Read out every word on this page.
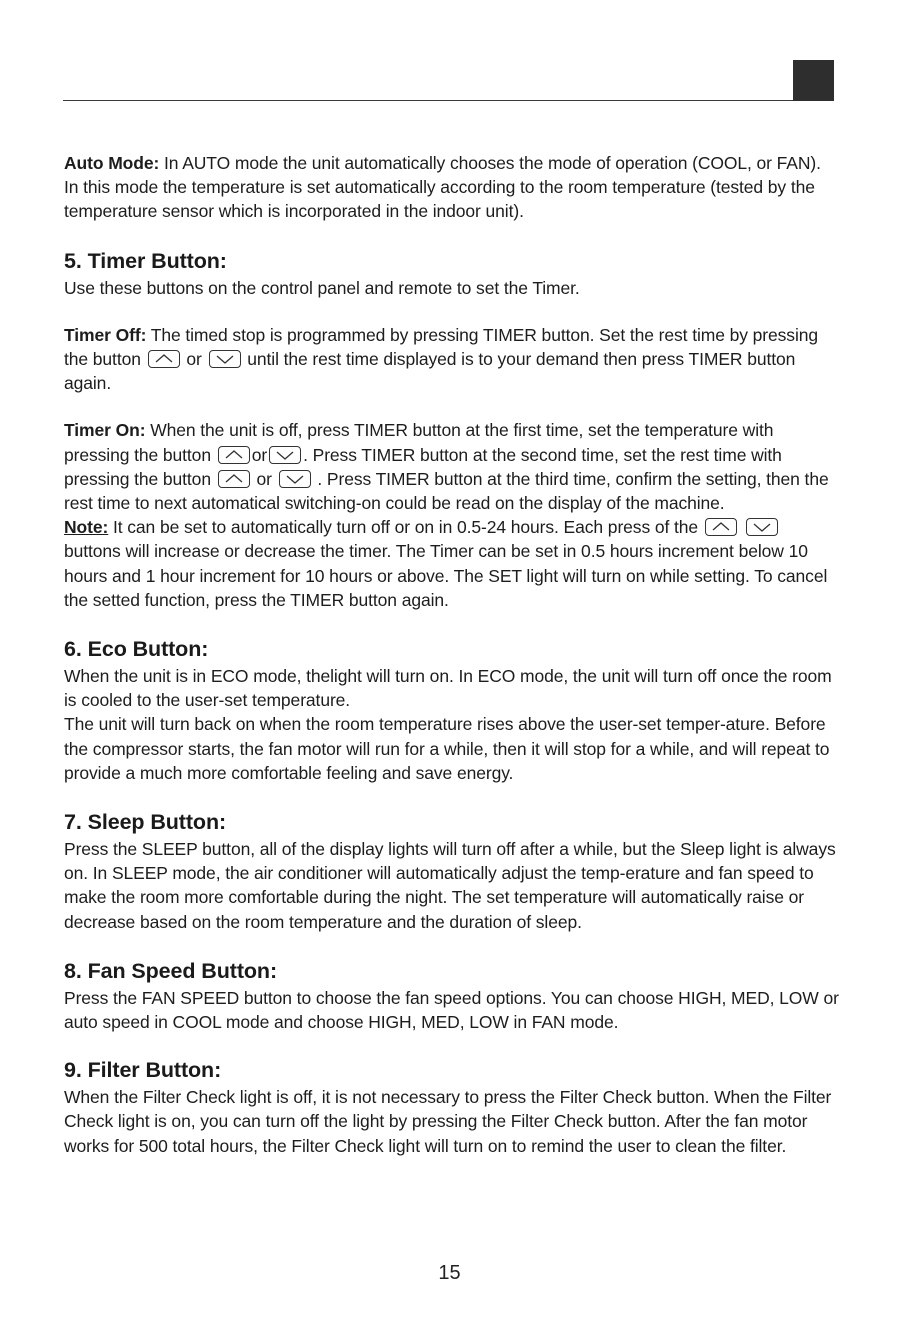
Auto Mode: In AUTO mode the unit automatically chooses the mode of operation (COOL, or FAN). In this mode the temperature is set automatically according to the room temperature (tested by the temperature sensor which is incorporated in the indoor unit).

5. Timer Button:

Use these buttons on the control panel and remote to set the Timer.

Timer Off: The timed stop is programmed by pressing TIMER button. Set the rest time by pressing the button
or
until the rest time displayed is to your demand then press TIMER button again.

Timer On: When the unit is off, press TIMER button at the first time, set the temperature with pressing the button
or . Press TIMER button at the second time, set the rest time with pressing the button
or
. Press TIMER button at the third time, confirm the setting, then the rest time to next automatical switching-on could be read on the display of the machine.

Note: It can be set to automatically turn off or on in 0.5-24 hours. Each press of the

buttons will increase or decrease the timer. The Timer can be set in 0.5 hours increment below 10 hours and 1 hour increment for 10 hours or above. The SET light will turn on while setting. To cancel the setted function, press the TIMER button again.

6. Eco Button:

When the unit is in ECO mode, thelight will turn on. In ECO mode, the unit will turn off once the room is cooled to the user-set temperature.

The unit will turn back on when the room temperature rises above the user-set temper-ature. Before the compressor starts, the fan motor will run for a while, then it will stop for a while, and will repeat to provide a much more comfortable feeling and save energy.

7. Sleep Button:

Press the SLEEP button, all of the display lights will turn off after a while, but the Sleep light is always on. In SLEEP mode, the air conditioner will automatically adjust the temp-erature and fan speed to make the room more comfortable during the night. The set temperature will automatically raise or decrease based on the room temperature and the duration of sleep.

8. Fan Speed Button:

Press the FAN SPEED button to choose the fan speed options. You can choose HIGH, MED, LOW or auto speed in COOL mode and choose HIGH, MED, LOW in FAN mode.

9. Filter Button:

When the Filter Check light is off, it is not necessary to press the Filter Check button. When the Filter Check light is on, you can turn off the light by pressing the Filter Check button. After the fan motor works for 500 total hours, the Filter Check light will turn on to remind the user to clean the filter.

15
